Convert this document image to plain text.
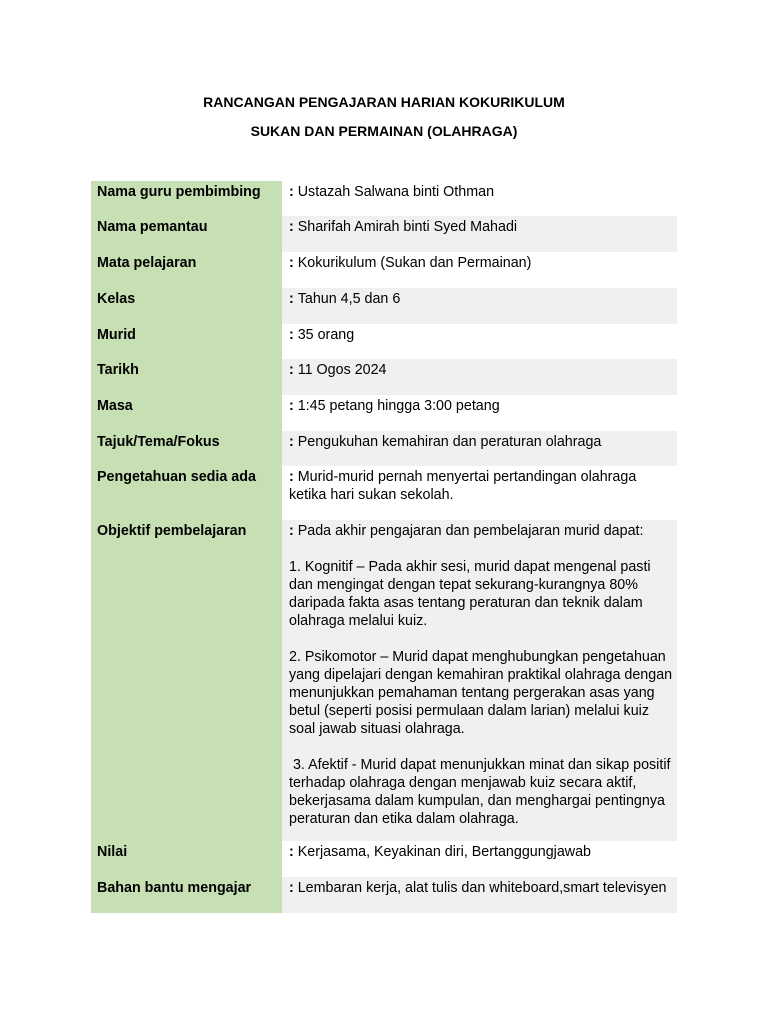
RANCANGAN PENGAJARAN HARIAN KOKURIKULUM
SUKAN DAN PERMAINAN (OLAHRAGA)
Nama guru pembimbing	: Ustazah Salwana binti Othman
Nama pemantau	: Sharifah Amirah binti Syed Mahadi
Mata pelajaran	: Kokurikulum (Sukan dan Permainan)
Kelas	: Tahun 4,5 dan 6
Murid	: 35 orang
Tarikh	: 11 Ogos 2024
Masa	: 1:45 petang hingga 3:00 petang
Tajuk/Tema/Fokus	: Pengukuhan kemahiran dan peraturan olahraga
Pengetahuan sedia ada	: Murid-murid pernah menyertai pertandingan olahraga ketika hari sukan sekolah.
Objektif pembelajaran	: Pada akhir pengajaran dan pembelajaran murid dapat:

1. Kognitif – Pada akhir sesi, murid dapat mengenal pasti dan mengingat dengan tepat sekurang-kurangnya 80% daripada fakta asas tentang peraturan dan teknik dalam olahraga melalui kuiz.

2. Psikomotor – Murid dapat menghubungkan pengetahuan yang dipelajari dengan kemahiran praktikal olahraga dengan menunjukkan pemahaman tentang pergerakan asas yang betul (seperti posisi permulaan dalam larian) melalui kuiz soal jawab situasi olahraga.

3. Afektif - Murid dapat menunjukkan minat dan sikap positif terhadap olahraga dengan menjawab kuiz secara aktif, bekerjasama dalam kumpulan, dan menghargai pentingnya peraturan dan etika dalam olahraga.

Nilai	: Kerjasama, Keyakinan diri, Bertanggungjawab
Bahan bantu mengajar	: Lembaran kerja, alat tulis dan whiteboard,smart televisyen
